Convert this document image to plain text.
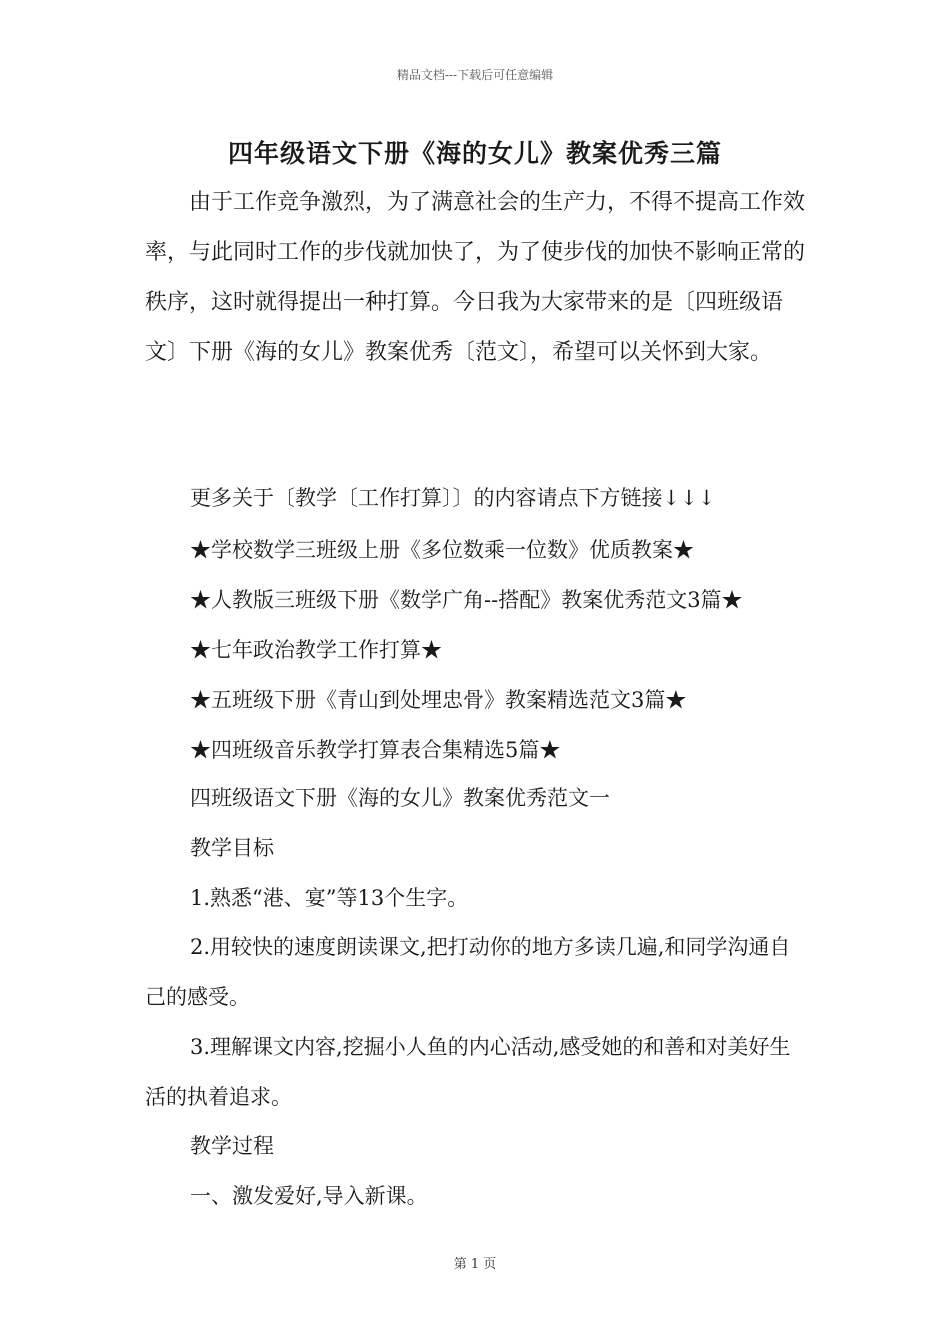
精品文档---下载后可任意编辑
四年级语文下册《海的女儿》教案优秀三篇

由于工作竞争激烈，为了满意社会的生产力，不得不提高工作效率，与此同时工作的步伐就加快了，为了使步伐的加快不影响正常的秩序，这时就得提出一种打算。今日我为大家带来的是〔四班级语文〕下册《海的女儿》教案优秀〔范文〕，希望可以关怀到大家。

更多关于〔教学〔工作打算〕〕的内容请点下方链接↓↓↓
★学校数学三班级上册《多位数乘一位数》优质教案★
★人教版三班级下册《数学广角--搭配》教案优秀范文3篇★
★七年政治教学工作打算★
★五班级下册《青山到处埋忠骨》教案精选范文3篇★
★四班级音乐教学打算表合集精选5篇★
四班级语文下册《海的女儿》教案优秀范文一
教学目标
1.熟悉“港、宴”等13个生字。

2.用较快的速度朗读课文,把打动你的地方多读几遍,和同学沟通自己的感受。

3.理解课文内容,挖掘小人鱼的内心活动,感受她的和善和对美好生活的执着追求。

教学过程
一、激发爱好,导入新课。
第 1 页
